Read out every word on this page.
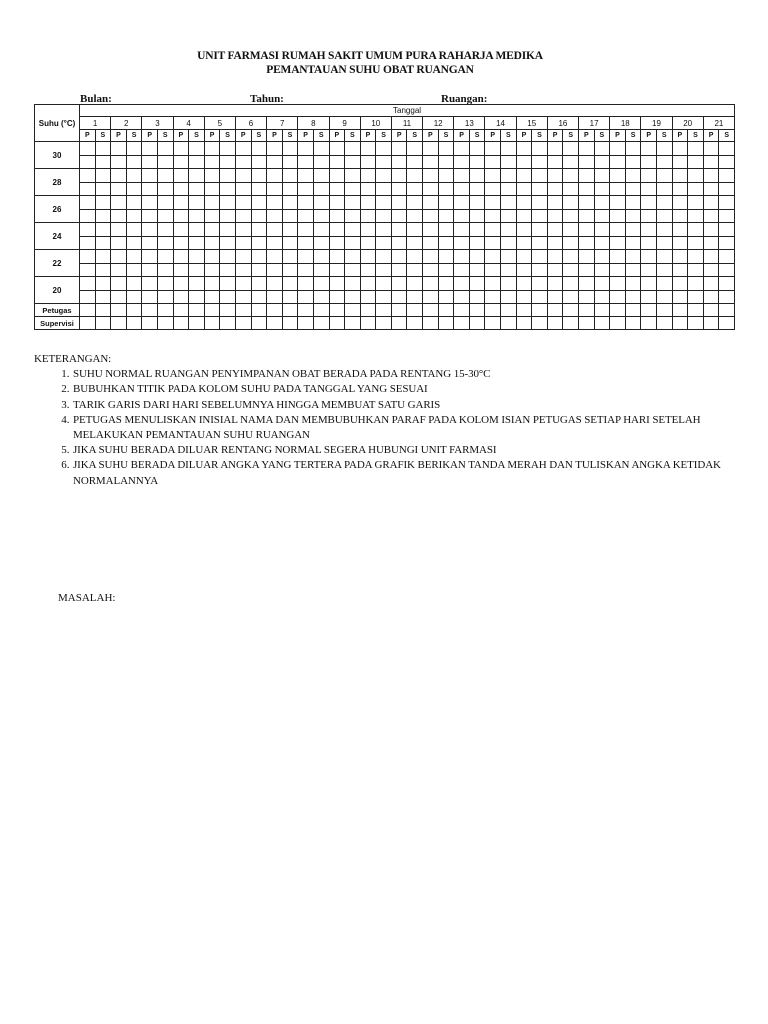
UNIT FARMASI RUMAH SAKIT UMUM PURA RAHARJA MEDIKA
PEMANTAUAN SUHU OBAT RUANGAN
Bulan:	Tahun:	Ruangan:
Suhu (°C)	Tanggal																																									
	1		2		3		4		5		6		7		8		9		10		11		12		13		14		15		16		17		18		19		20		21	
	P	S	P	S	P	S	P	S	P	S	P	S	P	S	P	S	P	S	P	S	P	S	P	S	P	S	P	S	P	S	P	S	P	S	P	S	P	S	P	S	P	S
30																																										

28																																										

26																																										

24																																										

22																																										

20																																										

Petugas																																										
Supervisi																																										
KETERANGAN:
1. SUHU NORMAL RUANGAN PENYIMPANAN OBAT BERADA PADA RENTANG 15-30°C
2. BUBUHKAN TITIK PADA KOLOM SUHU PADA TANGGAL YANG SESUAI
3. TARIK GARIS DARI HARI SEBELUMNYA HINGGA MEMBUAT SATU GARIS
4. PETUGAS MENULISKAN INISIAL NAMA DAN MEMBUBUHKAN PARAF PADA KOLOM ISIAN PETUGAS SETIAP HARI SETELAH MELAKUKAN PEMANTAUAN SUHU RUANGAN
5. JIKA SUHU BERADA DILUAR RENTANG NORMAL SEGERA HUBUNGI UNIT FARMASI
6. JIKA SUHU BERADA DILUAR ANGKA YANG TERTERA PADA GRAFIK BERIKAN TANDA MERAH DAN TULISKAN ANGKA KETIDAK NORMALANNYA
MASALAH:
